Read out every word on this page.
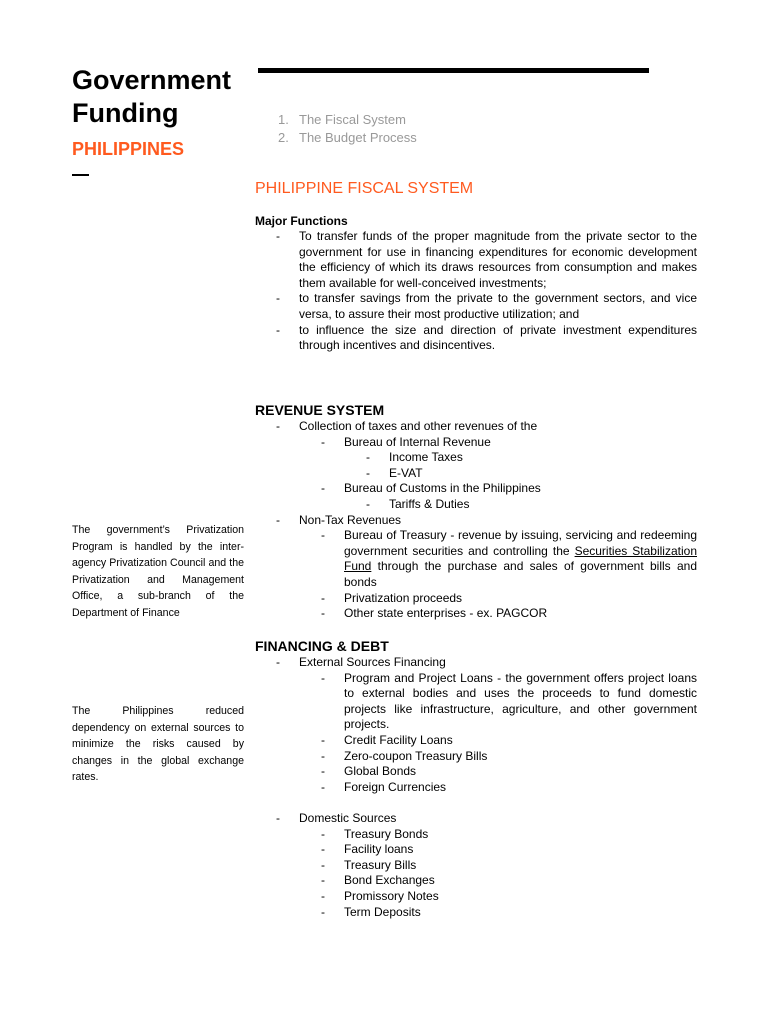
Government
Funding
PHILIPPINES
1. The Fiscal System
2. The Budget Process
The government’s Privatization Program is handled by the inter-agency Privatization Council and the Privatization and Management Office, a sub-branch of the Department of Finance
The Philippines reduced dependency on external sources to minimize the risks caused by changes in the global exchange rates.
PHILIPPINE FISCAL SYSTEM
Major Functions
- To transfer funds of the proper magnitude from the private sector to the government for use in financing expenditures for economic development the efficiency of which its draws resources from consumption and makes them available for well-conceived investments;
- to transfer savings from the private to the government sectors, and vice versa, to assure their most productive utilization; and
- to influence the size and direction of private investment expenditures through incentives and disincentives.
REVENUE SYSTEM
- Collection of taxes and other revenues of the
- Bureau of Internal Revenue
- Income Taxes
- E-VAT
- Bureau of Customs in the Philippines
- Tariffs & Duties
- Non-Tax Revenues
- Bureau of Treasury - revenue by issuing, servicing and redeeming government securities and controlling the Securities Stabilization Fund through the purchase and sales of government bills and bonds
- Privatization proceeds
- Other state enterprises - ex. PAGCOR
FINANCING & DEBT
- External Sources Financing
- Program and Project Loans - the government offers project loans to external bodies and uses the proceeds to fund domestic projects like infrastructure, agriculture, and other government projects.
- Credit Facility Loans
- Zero-coupon Treasury Bills
- Global Bonds
- Foreign Currencies
- Domestic Sources
- Treasury Bonds
- Facility loans
- Treasury Bills
- Bond Exchanges
- Promissory Notes
- Term Deposits
